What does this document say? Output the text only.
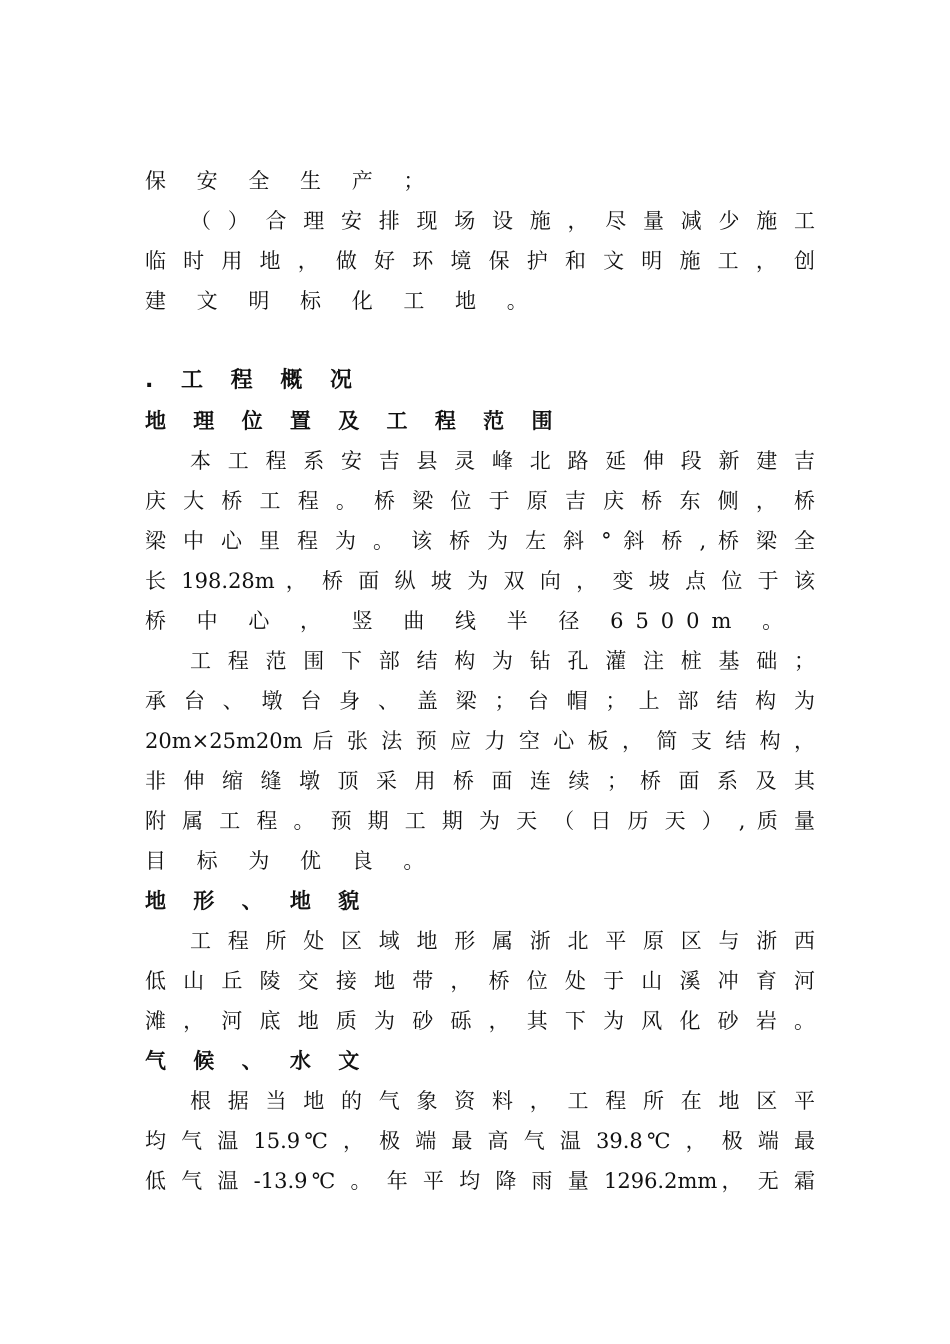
保 安 全 生 产 ；
（ ） 合 理 安 排 现 场 设 施 ， 尽 量 减 少 施 工
临 时 用 地 ， 做 好 环 境 保 护 和 文 明 施 工 ， 创
建 文 明 标 化 工 地 。
. 工 程 概 况
地 理 位 置 及 工 程 范 围
本 工 程 系 安 吉 县 灵 峰 北 路 延 伸 段 新 建 吉
庆 大 桥 工 程 。 桥 梁 位 于 原 吉 庆 桥 东 侧 ， 桥
梁 中 心 里 程 为 。 该 桥 为 左 斜 ° 斜 桥 , 桥 梁 全
长 198.28m ， 桥 面 纵 坡 为 双 向 ， 变 坡 点 位 于 该
桥 中 心 ， 竖 曲 线 半 径 6500m 。
工 程 范 围 下 部 结 构 为 钻 孔 灌 注 桩 基 础 ；
承 台 、 墩 台 身 、 盖 梁 ； 台 帽 ； 上 部 结 构 为
20m×25m20m 后 张 法 预 应 力 空 心 板 ， 简 支 结 构 ，
非 伸 缩 缝 墩 顶 采 用 桥 面 连 续 ； 桥 面 系 及 其
附 属 工 程 。 预 期 工 期 为 天 （ 日 历 天 ） , 质 量
目 标 为 优 良 。
地 形 、 地 貌
工 程 所 处 区 域 地 形 属 浙 北 平 原 区 与 浙 西
低 山 丘 陵 交 接 地 带 ， 桥 位 处 于 山 溪 冲 育 河
滩 ， 河 底 地 质 为 砂 砾 ， 其 下 为 风 化 砂 岩 。
气 候 、 水 文
根 据 当 地 的 气 象 资 料 ， 工 程 所 在 地 区 平
均 气 温 15.9℃ ， 极 端 最 高 气 温 39.8℃ ， 极 端 最
低 气 温 -13.9℃ 。 年 平 均 降 雨 量 1296.2mm， 无 霜
